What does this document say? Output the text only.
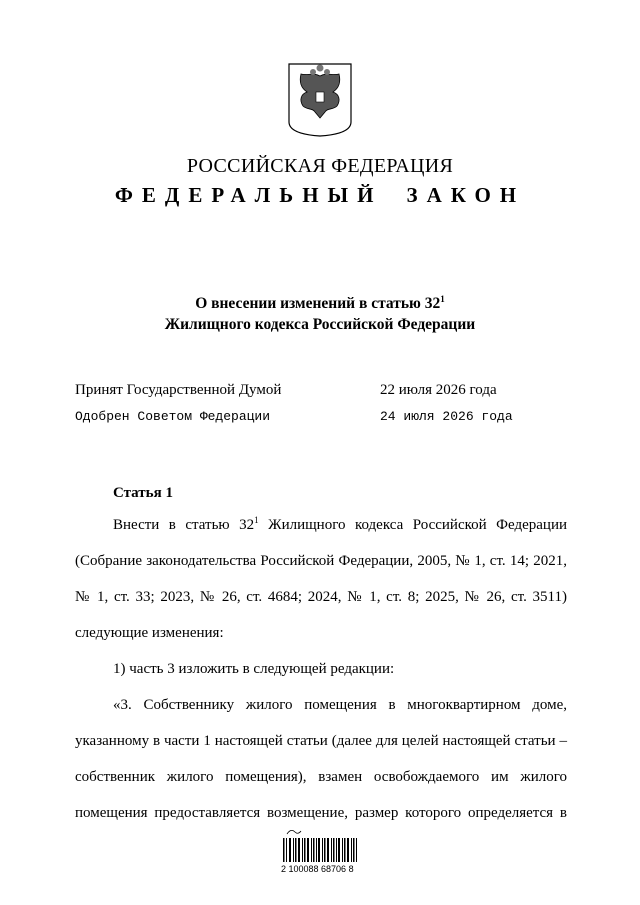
РОССИЙСКАЯ ФЕДЕРАЦИЯ
ФЕДЕРАЛЬНЫЙ ЗАКОН
О внесении изменений в статью $32^1$
Жилищного кодекса Российской Федерации
Принят Государственной Думой	22 июля 2026 года
Одобрен Советом Федерации	24 июля 2026 года
Статья 1
Внести в статью $32^1$ Жилищного кодекса Российской Федерации
(Собрание законодательства Российской Федерации, 2005, № 1, ст. 14; 2021,
№ 1, ст. 33; 2023, № 26, ст. 4684; 2024, № 1, ст. 8; 2025, № 26, ст. 3511)
следующие изменения:
1) часть 3 изложить в следующей редакции:
«3. Собственнику жилого помещения в многоквартирном доме,
указанному в части 1 настоящей статьи (далее для целей настоящей статьи –
собственник жилого помещения), взамен освобождаемого им жилого
помещения предоставляется возмещение, размер которого определяется в
2 100088 68706 8
